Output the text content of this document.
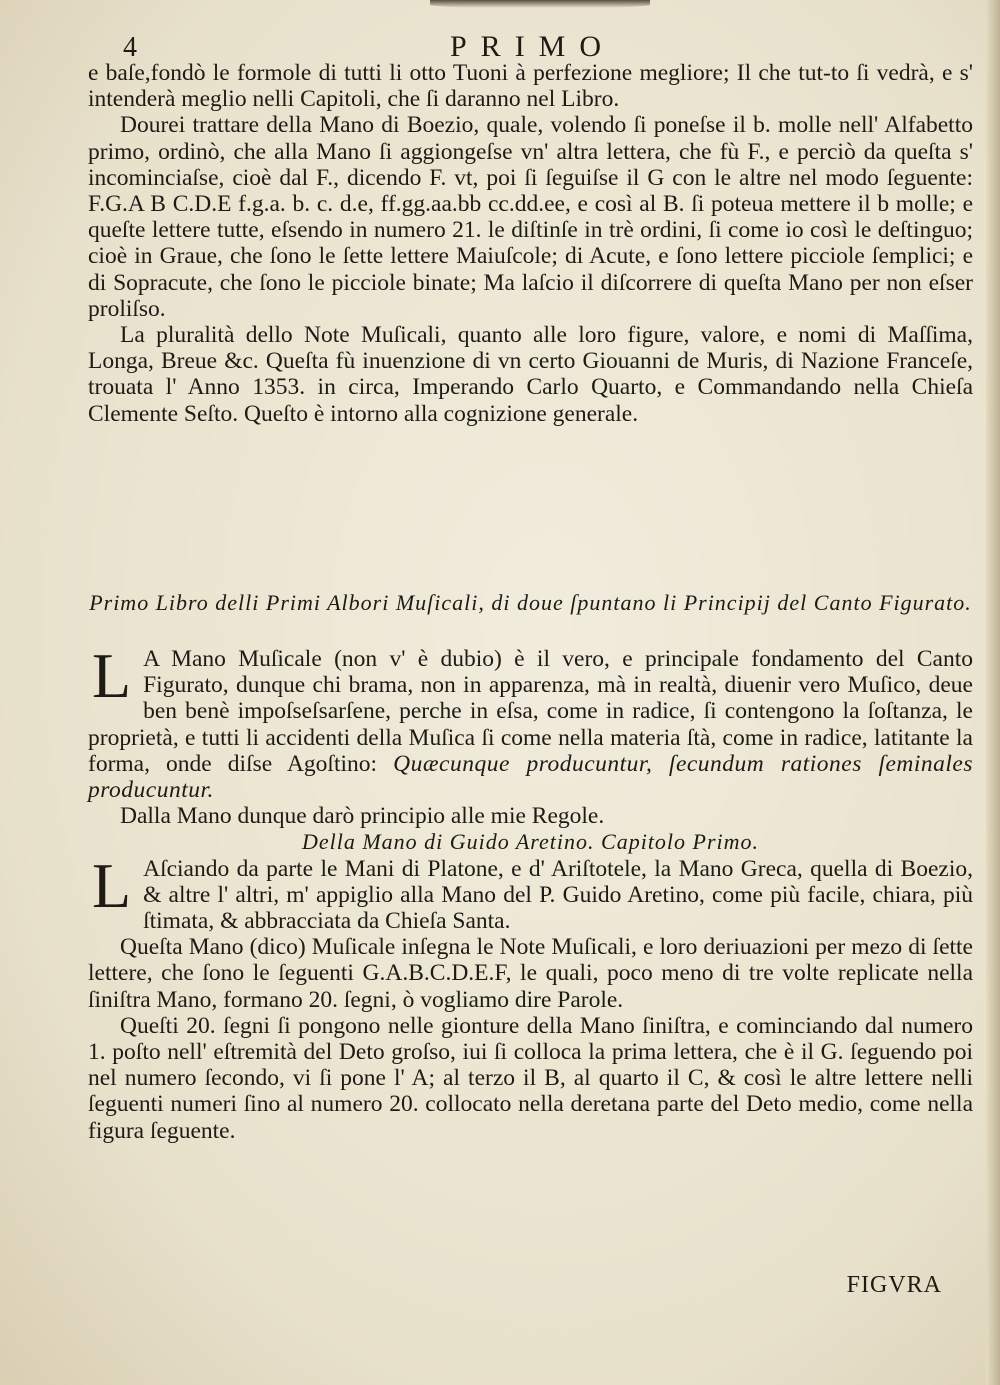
4	PRIMO

e baſe,fondò le formole di tutti li otto Tuoni à perfezione megliore; Il che tut-to ſi vedrà, e s' intenderà meglio nelli Capitoli, che ſi daranno nel Libro.

Dourei trattare della Mano di Boezio, quale, volendo ſi poneſse il b. molle nell' Alfabetto primo, ordinò, che alla Mano ſi aggiongeſse vn' altra lettera, che fù F., e perciò da queſta s' incominciaſse, cioè dal F., dicendo F. vt, poi ſi ſeguiſse il G con le altre nel modo ſeguente: F.G.A B C.D.E f.g.a. b. c. d.e, ff.gg.aa.bb cc.dd.ee, e così al B. ſi poteua mettere il b molle; e queſte lettere tutte, eſsendo in numero 21. le diſtinſe in trè ordini, ſi come io così le deſtinguo; cioè in Graue, che ſono le ſette lettere Maiuſcole; di Acute, e ſono lettere picciole ſemplici; e di Sopracute, che ſono le picciole binate; Ma laſcio il diſcorrere di queſta Mano per non eſser proliſso.

La pluralità dello Note Muſicali, quanto alle loro figure, valore, e nomi di Maſſima, Longa, Breue &c. Queſta fù inuenzione di vn certo Giouanni de Muris, di Nazione Franceſe, trouata l' Anno 1353. in circa, Imperando Carlo Quarto, e Commandando nella Chieſa Clemente Seſto. Queſto è intorno alla cognizione generale.

Primo Libro delli Primi Albori Muſicali, di doue ſpuntano li Principij del Canto Figurato.

L A Mano Muſicale (non v' è dubio) è il vero, e principale fondamento del Canto Figurato, dunque chi brama, non in apparenza, mà in realtà, diuenir vero Muſico, deue ben benè impoſseſsarſene, perche in eſsa, come in radice, ſi contengono la ſoſtanza, le proprietà, e tutti li accidenti della Muſica ſi come nella materia ſtà, come in radice, latitante la forma, onde diſse Agoſtino: Quæcunque producuntur, ſecundum rationes ſeminales producuntur.

Dalla Mano dunque darò principio alle mie Regole.

Della Mano di Guido Aretino. Capitolo Primo.

L Aſciando da parte le Mani di Platone, e d' Ariſtotele, la Mano Greca, quella di Boezio, & altre l' altri, m' appiglio alla Mano del P. Guido Aretino, come più facile, chiara, più ſtimata, & abbracciata da Chieſa Santa.

Queſta Mano (dico) Muſicale inſegna le Note Muſicali, e loro deriuazioni per mezo di ſette lettere, che ſono le ſeguenti G.A.B.C.D.E.F, le quali, poco meno di tre volte replicate nella ſiniſtra Mano, formano 20. ſegni, ò vogliamo dire Parole.

Queſti 20. ſegni ſi pongono nelle gionture della Mano ſiniſtra, e cominciando dal numero 1. poſto nell' eſtremità del Deto groſso, iui ſi colloca la prima lettera, che è il G. ſeguendo poi nel numero ſecondo, vi ſi pone l' A; al terzo il B, al quarto il C, & così le altre lettere nelli ſeguenti numeri ſino al numero 20. collocato nella deretana parte del Deto medio, come nella figura ſeguente.

FIGVRA
